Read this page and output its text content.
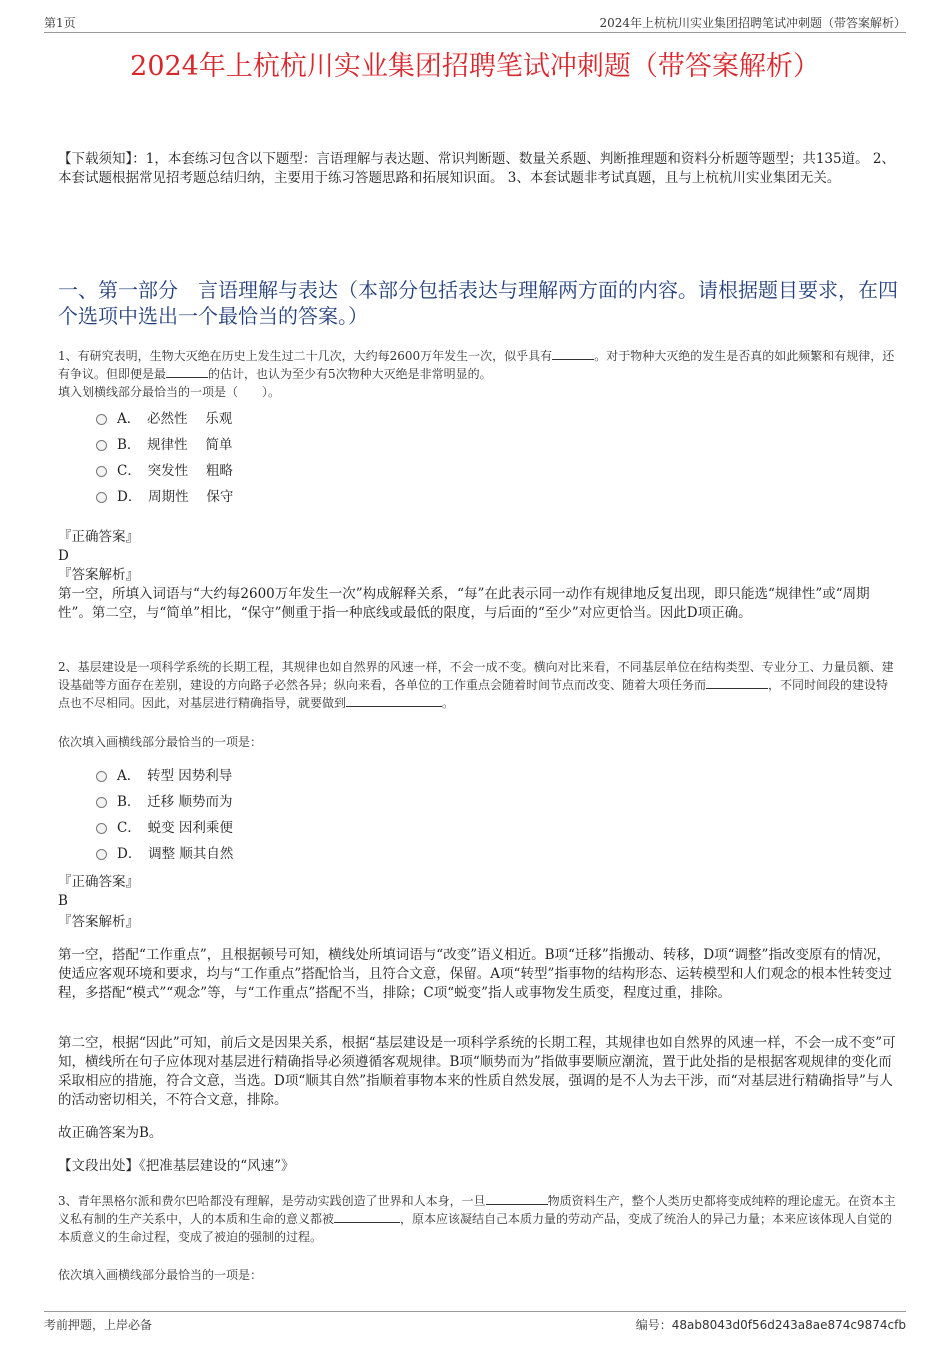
第1页	2024年上杭杭川实业集团招聘笔试冲刺题（带答案解析）
2024年上杭杭川实业集团招聘笔试冲刺题（带答案解析）
【下载须知】：1，本套练习包含以下题型：言语理解与表达题、常识判断题、数量关系题、判断推理题和资料分析题等题型；共135道。 2、本套试题根据常见招考题总结归纳，主要用于练习答题思路和拓展知识面。 3、本套试题非考试真题，且与上杭杭川实业集团无关。
一、第一部分　言语理解与表达（本部分包括表达与理解两方面的内容。请根据题目要求，在四个选项中选出一个最恰当的答案。）
1、有研究表明，生物大灭绝在历史上发生过二十几次，大约每2600万年发生一次，似乎具有	。对于物种大灭绝的发生是否真的如此频繁和有规律，还有争议。但即便是最	的估计，也认为至少有5次物种大灭绝是非常明显的。
填入划横线部分最恰当的一项是（　　）。
A．　必然性　 乐观
B．　规律性　 简单
C．　突发性　 粗略
D．　周期性　 保守

『正确答案』

D

『答案解析』

第一空，所填入词语与“大约每2600万年发生一次”构成解释关系，“每”在此表示同一动作有规律地反复出现，即只能选“规律性”或“周期性”。第二空，与“简单”相比，“保守”侧重于指一种底线或最低的限度，与后面的“至少”对应更恰当。因此D项正确。

2、基层建设是一项科学系统的长期工程，其规律也如自然界的风速一样，不会一成不变。横向对比来看，不同基层单位在结构类型、专业分工、力量员额、建设基础等方面存在差别，建设的方向路子必然各异；纵向来看，各单位的工作重点会随着时间节点而改变、随着大项任务而	，不同时间段的建设特点也不尽相同。因此，对基层进行精确指导，就要做到	。
依次填入画横线部分最恰当的一项是：
A．　转型 因势利导
B．　迁移 顺势而为
C．　蜕变 因利乘便
D．　调整 顺其自然

『正确答案』

B

『答案解析』

第一空，搭配“工作重点”，且根据顿号可知，横线处所填词语与“改变”语义相近。B项“迁移”指搬动、转移，D项“调整”指改变原有的情况，使适应客观环境和要求，均与“工作重点”搭配恰当，且符合文意，保留。A项“转型”指事物的结构形态、运转模型和人们观念的根本性转变过程，多搭配“模式”“观念”等，与“工作重点”搭配不当，排除；C项“蜕变”指人或事物发生质变，程度过重，排除。
第二空，根据“因此”可知，前后文是因果关系，根据“基层建设是一项科学系统的长期工程，其规律也如自然界的风速一样，不会一成不变”可知，横线所在句子应体现对基层进行精确指导必须遵循客观规律。B项“顺势而为”指做事要顺应潮流，置于此处指的是根据客观规律的变化而采取相应的措施，符合文意，当选。D项“顺其自然”指顺着事物本来的性质自然发展，强调的是不人为去干涉，而“对基层进行精确指导”与人的活动密切相关，不符合文意，排除。
故正确答案为B。
【文段出处】《把准基层建设的“风速”》
3、青年黑格尔派和费尔巴哈都没有理解，是劳动实践创造了世界和人本身，一旦	物质资料生产，整个人类历史都将变成纯粹的理论虚无。在资本主义私有制的生产关系中，人的本质和生命的意义都被	，原本应该凝结自己本质力量的劳动产品，变成了统治人的异己力量；本来应该体现人自觉的本质意义的生命过程，变成了被迫的强制的过程。
依次填入画横线部分最恰当的一项是：
考前押题，上岸必备	编号：48ab8043d0f56d243a8ae874c9874cfb
